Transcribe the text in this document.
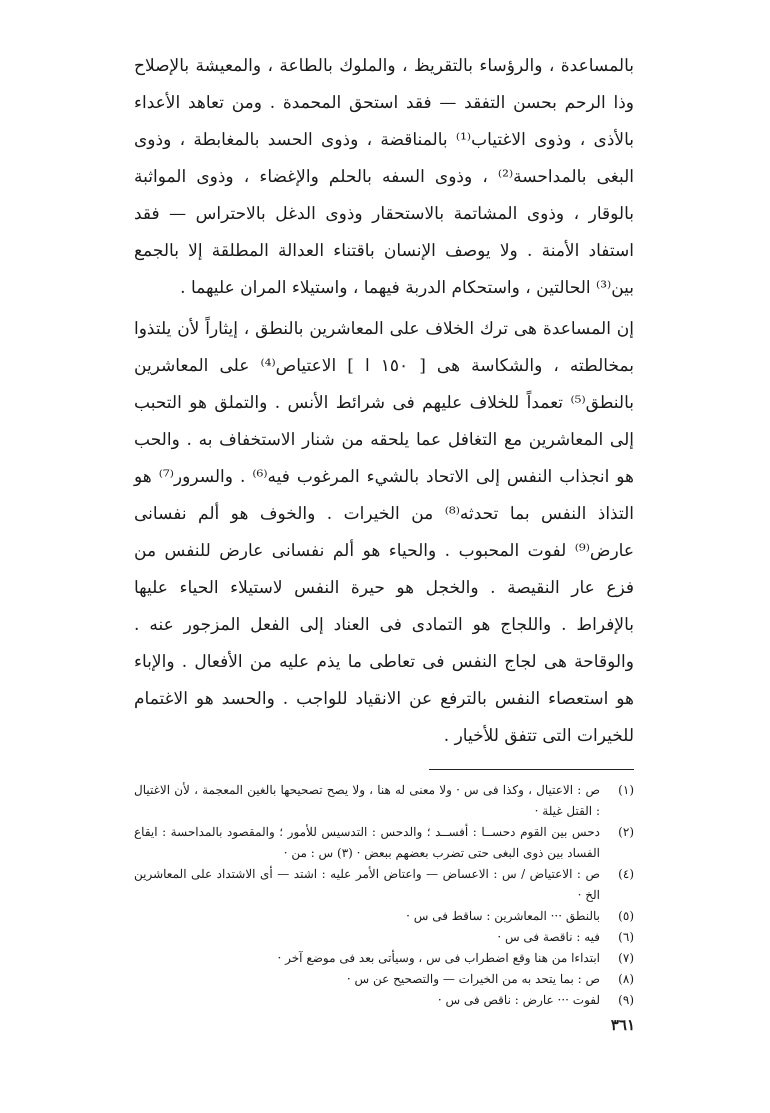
بالمساعدة ، والرؤساء بالتقريظ ، والملوك بالطاعة ، والمعيشة بالإصلاح وذا الرحم بحسن التفقد — فقد استحق المحمدة . ومن تعاهد الأعداء بالأذى ، وذوى الاغتياب⁽¹⁾ بالمناقضة ، وذوى الحسد بالمغابطة ، وذوى البغى بالمداحسة⁽²⁾ ، وذوى السفه بالحلم والإغضاء ، وذوى المواثبة بالوقار ، وذوى المشاتمة بالاستحقار وذوى الدغل بالاحتراس — فقد استفاد الأمنة . ولا يوصف الإنسان باقتناء العدالة المطلقة إلا بالجمع بين⁽³⁾ الحالتين ، واستحكام الدربة فيهما ، واستيلاء المران عليهما .

إن المساعدة هى ترك الخلاف على المعاشرين بالنطق ، إيثاراً لأن يلتذوا بمخالطته ، والشكاسة هى [ ١٥٠ ا ] الاعتياص⁽⁴⁾ على المعاشرين بالنطق⁽⁵⁾ تعمداً للخلاف عليهم فى شرائط الأنس . والتملق هو التحبب إلى المعاشرين مع التغافل عما يلحقه من شنار الاستخفاف به . والحب هو انجذاب النفس إلى الاتحاد بالشيء المرغوب فيه⁽⁶⁾ . والسرور⁽⁷⁾ هو التذاذ النفس بما تحدثه⁽⁸⁾ من الخيرات . والخوف هو ألم نفسانى عارض⁽⁹⁾ لفوت المحبوب . والحياء هو ألم نفسانى عارض للنفس من فزع عار النقيصة . والخجل هو حيرة النفس لاستيلاء الحياء عليها بالإفراط . واللجاج هو التمادى فى العناد إلى الفعل المزجور عنه . والوقاحة هى لجاج النفس فى تعاطى ما يذم عليه من الأفعال . والإباء هو استعصاء النفس بالترفع عن الانقياد للواجب . والحسد هو الاغتمام للخيرات التى تتفق للأخيار .

(١)
ص : الاعتيال ، وكذا فى س · ولا معنى له هنا ، ولا يصح تصحيحها بالغين المعجمة ، لأن الاغتيال : القتل غيلة ·
(٢)
دحس بين القوم دحســا : أفســد ؛ والدحس : التدسيس للأمور ؛ والمقصود بالمداحسة : ايقاع الفساد بين ذوى البغى حتى تضرب بعضهم ببعض · (٣) س : من ·
(٤)
ص : الاعتياض / س : الاعساض — واعتاض الأمر عليه : اشتد — أى الاشتداد على المعاشرين الخ ·
(٥)
بالنطق ··· المعاشرين : ساقط فى س ·
(٦)
فيه : ناقصة فى س ·
(٧)
ابتداءا من هنا وقع اضطراب فى س ، وسيأتى بعد فى موضع آخر ·
(٨)
ص : بما يتحد به من الخيرات — والتصحيح عن س ·
(٩)
لفوت ··· عارض : ناقص فى س ·
٣٦١
